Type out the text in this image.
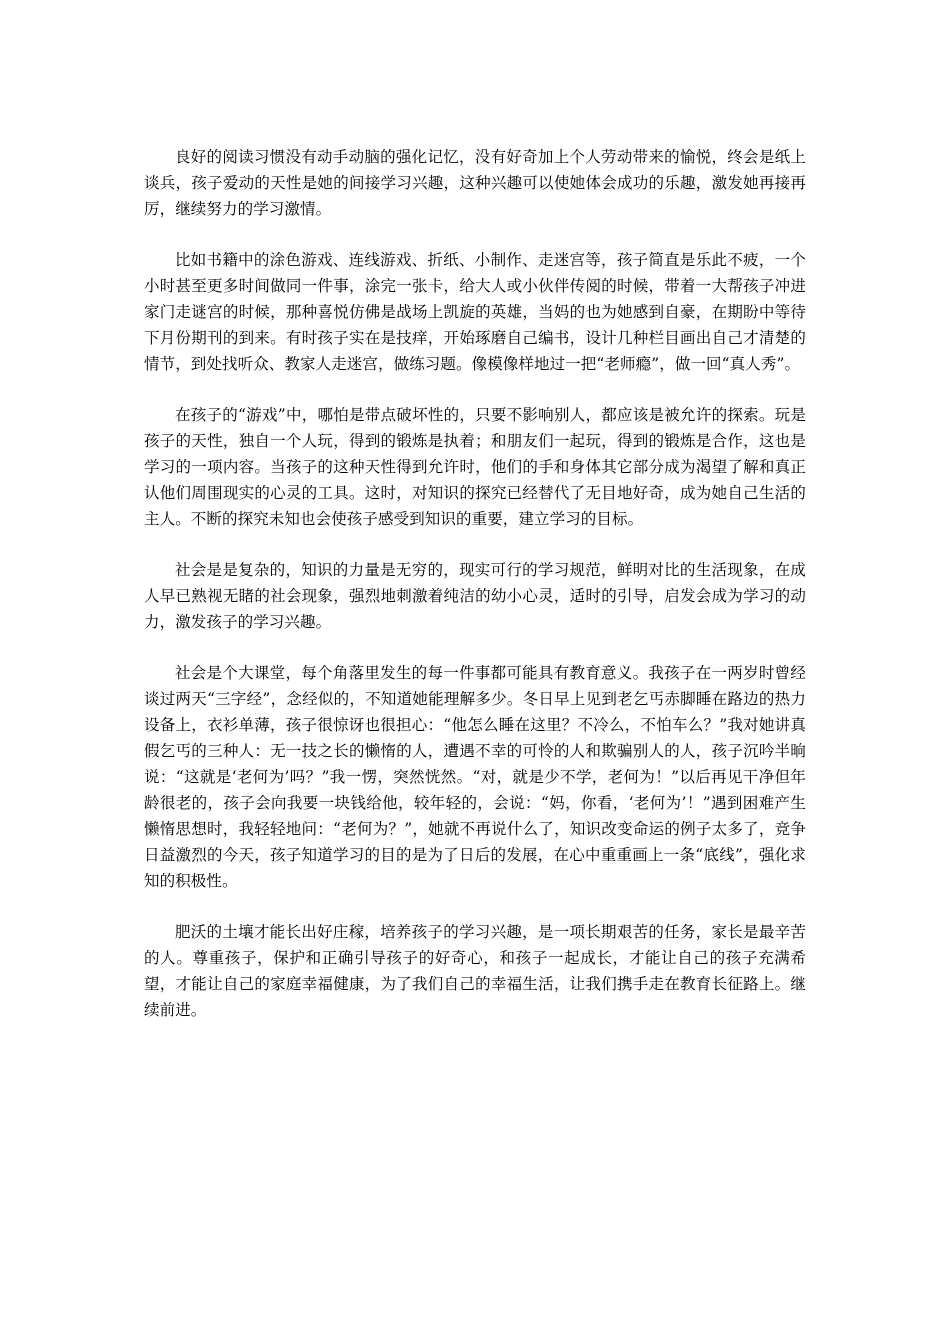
良好的阅读习惯没有动手动脑的强化记忆，没有好奇加上个人劳动带来的愉悦，终会是纸上谈兵，孩子爱动的天性是她的间接学习兴趣，这种兴趣可以使她体会成功的乐趣，激发她再接再厉，继续努力的学习激情。

比如书籍中的涂色游戏、连线游戏、折纸、小制作、走迷宫等，孩子简直是乐此不疲，一个小时甚至更多时间做同一件事，涂完一张卡，给大人或小伙伴传阅的时候，带着一大帮孩子冲进家门走谜宫的时候，那种喜悦仿佛是战场上凯旋的英雄，当妈的也为她感到自豪，在期盼中等待下月份期刊的到来。有时孩子实在是技痒，开始琢磨自己编书，设计几种栏目画出自己才清楚的情节，到处找听众、教家人走迷宫，做练习题。像模像样地过一把“老师瘾”，做一回“真人秀”。

在孩子的“游戏”中，哪怕是带点破坏性的，只要不影响别人，都应该是被允许的探索。玩是孩子的天性，独自一个人玩，得到的锻炼是执着；和朋友们一起玩，得到的锻炼是合作，这也是学习的一项内容。当孩子的这种天性得到允许时，他们的手和身体其它部分成为渴望了解和真正认他们周围现实的心灵的工具。这时，对知识的探究已经替代了无目地好奇，成为她自己生活的主人。不断的探究未知也会使孩子感受到知识的重要，建立学习的目标。

社会是是复杂的，知识的力量是无穷的，现实可行的学习规范，鲜明对比的生活现象，在成人早已熟视无睹的社会现象，强烈地刺激着纯洁的幼小心灵，适时的引导，启发会成为学习的动力，激发孩子的学习兴趣。

社会是个大课堂，每个角落里发生的每一件事都可能具有教育意义。我孩子在一两岁时曾经谈过两天“三字经”，念经似的，不知道她能理解多少。冬日早上见到老乞丐赤脚睡在路边的热力设备上，衣衫单薄，孩子很惊讶也很担心：“他怎么睡在这里？不冷么，不怕车么？”我对她讲真假乞丐的三种人：无一技之长的懒惰的人，遭遇不幸的可怜的人和欺骗别人的人，孩子沉吟半晌说：“这就是‘老何为’吗？”我一愣，突然恍然。“对，就是少不学，老何为！”以后再见干净但年龄很老的，孩子会向我要一块钱给他，较年轻的，会说：“妈，你看，‘老何为’！”遇到困难产生懒惰思想时，我轻轻地问：“老何为？”，她就不再说什么了，知识改变命运的例子太多了，竞争日益激烈的今天，孩子知道学习的目的是为了日后的发展，在心中重重画上一条“底线”，强化求知的积极性。

肥沃的土壤才能长出好庄稼，培养孩子的学习兴趣，是一项长期艰苦的任务，家长是最辛苦的人。尊重孩子，保护和正确引导孩子的好奇心，和孩子一起成长，才能让自己的孩子充满希望，才能让自己的家庭幸福健康，为了我们自己的幸福生活，让我们携手走在教育长征路上。继续前进。
